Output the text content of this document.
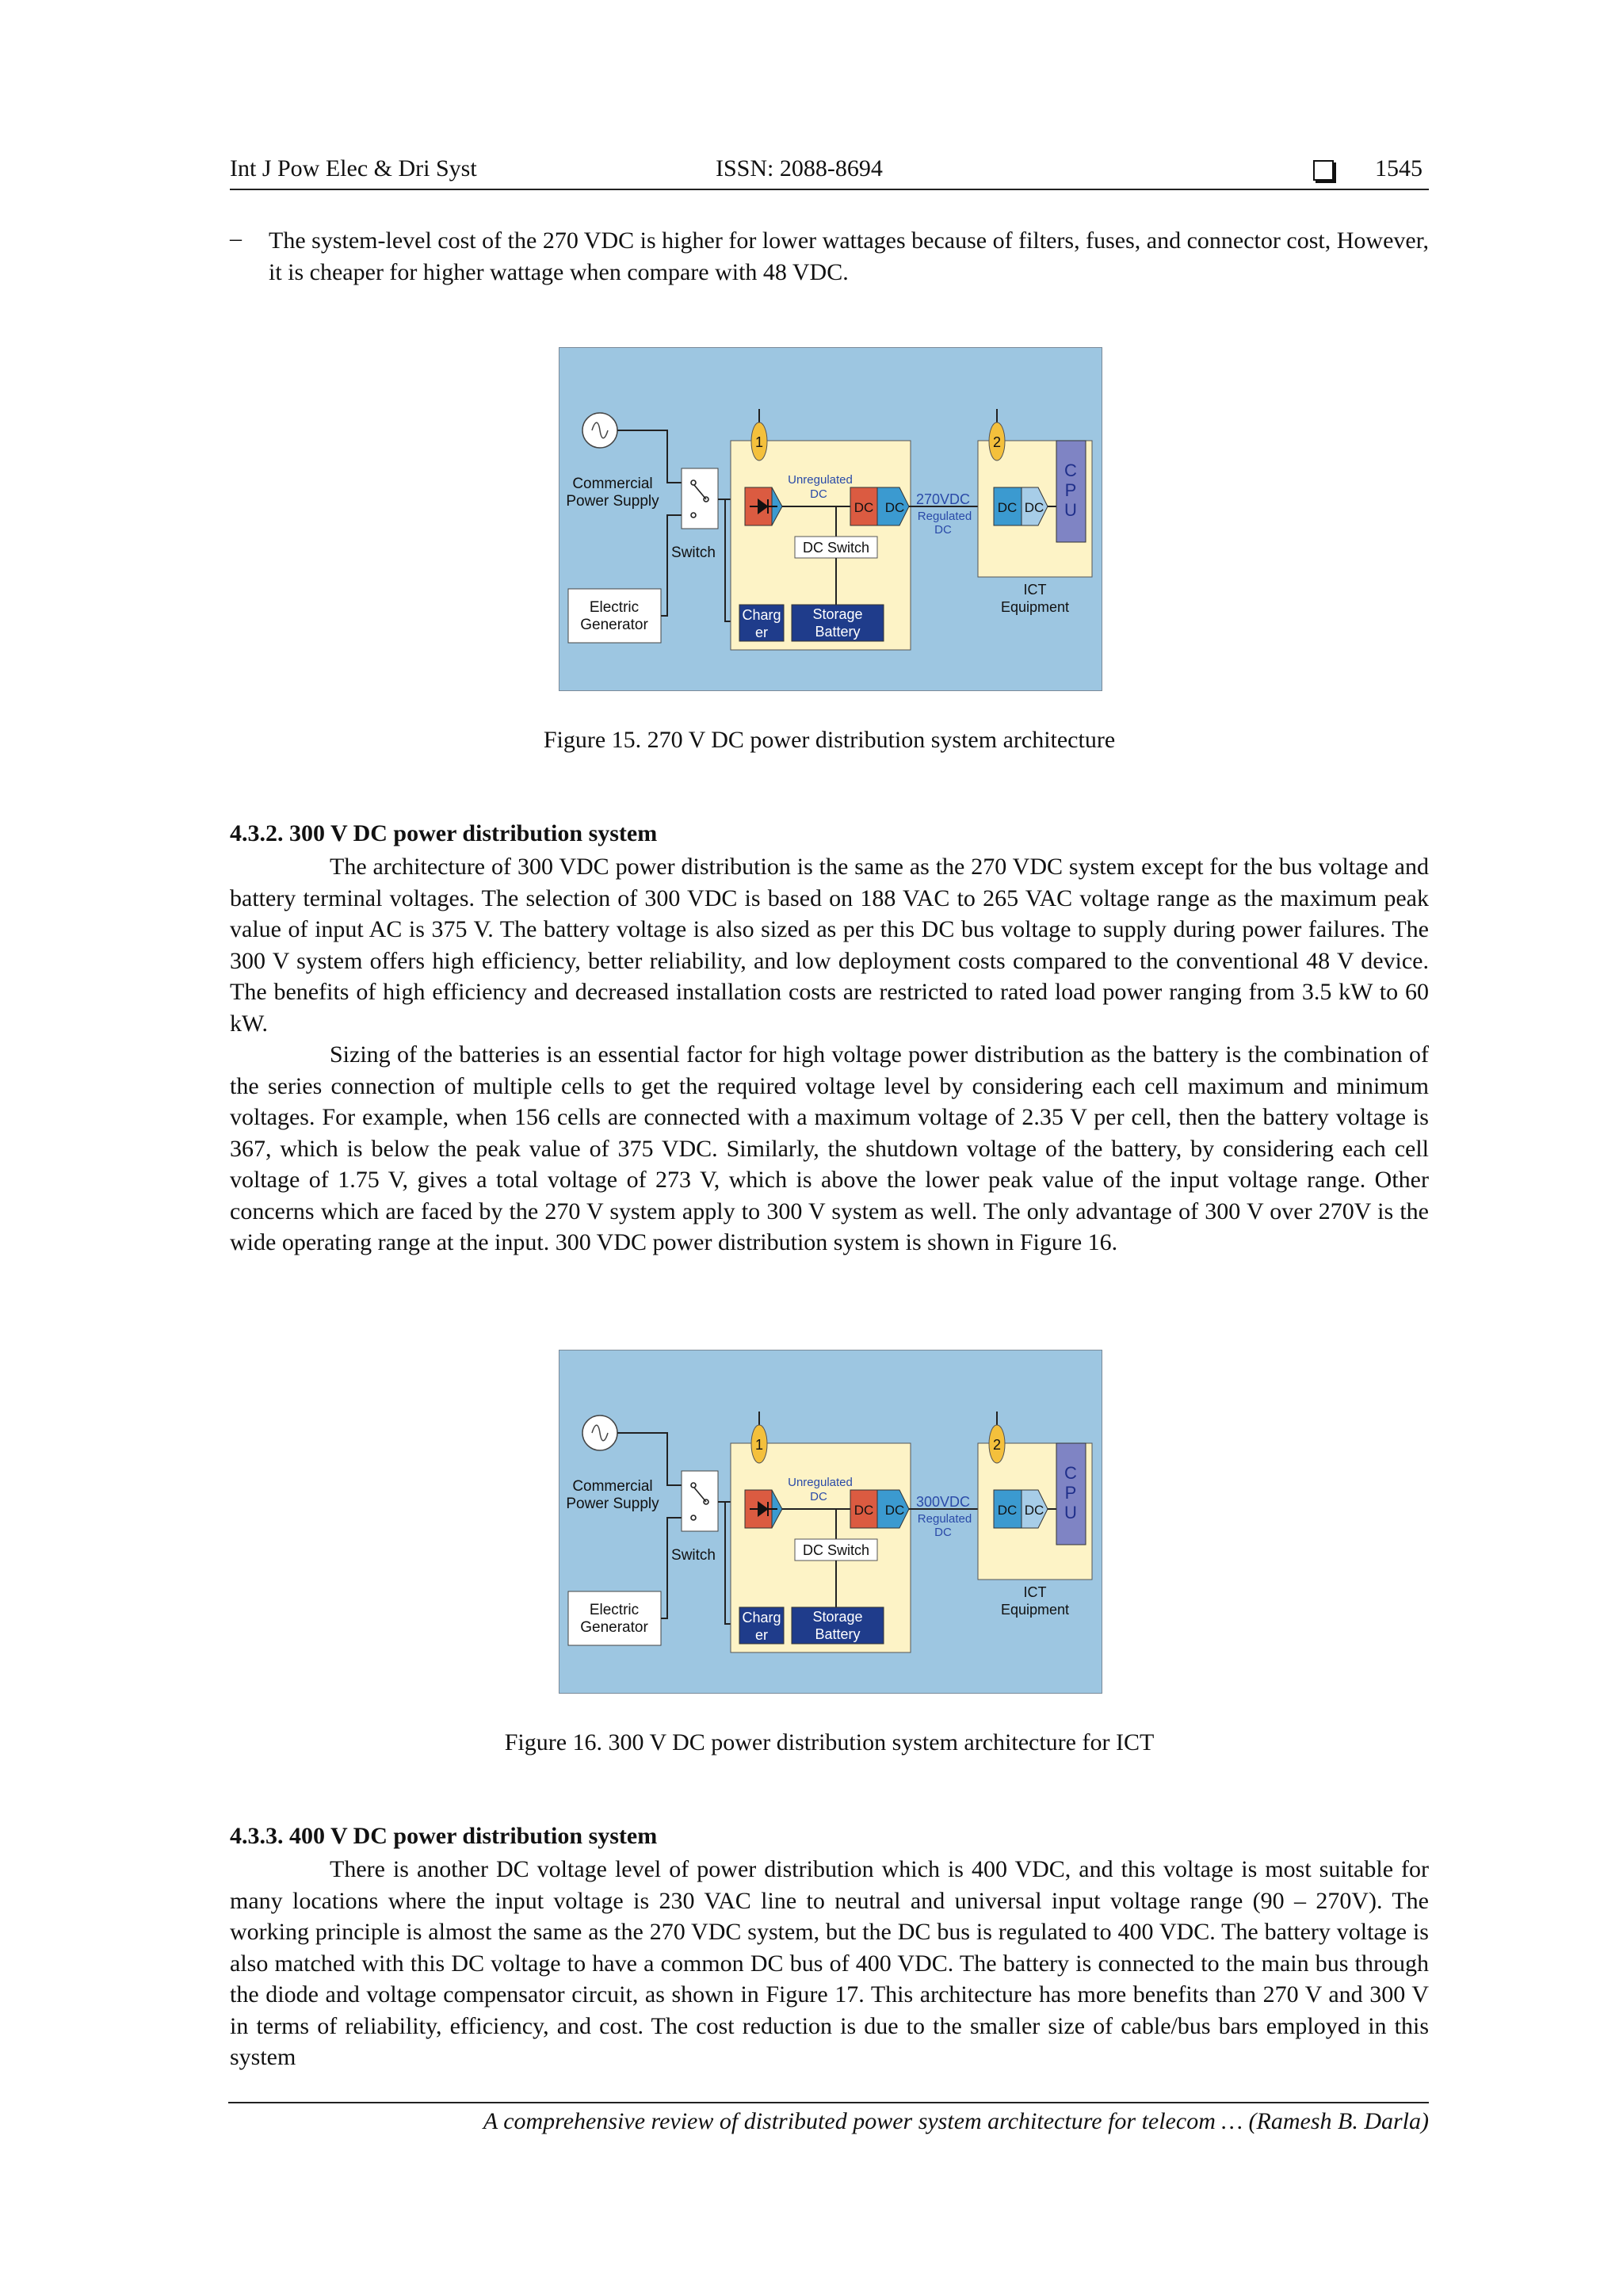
Int J Pow Elec & Dri Syst	ISSN: 2088-8694	1545
– The system-level cost of the 270 VDC is higher for lower wattages because of filters, fuses, and connector cost, However, it is cheaper for higher wattage when compare with 48 VDC.
Commercial
Power Supply
Electric
Generator
Switch
1
Unregulated
DC
DC DC
DC Switch
Charg
er
Storage
Battery
270VDC
Regulated
DC
2
DC DC
C
P
U
ICT
Equipment
Figure 15. 270 V DC power distribution system architecture
4.3.2. 300 V DC power distribution system
The architecture of 300 VDC power distribution is the same as the 270 VDC system except for the bus voltage and battery terminal voltages. The selection of 300 VDC is based on 188 VAC to 265 VAC voltage range as the maximum peak value of input AC is 375 V. The battery voltage is also sized as per this DC bus voltage to supply during power failures. The 300 V system offers high efficiency, better reliability, and low deployment costs compared to the conventional 48 V device. The benefits of high efficiency and decreased installation costs are restricted to rated load power ranging from 3.5 kW to 60 kW.
Sizing of the batteries is an essential factor for high voltage power distribution as the battery is the combination of the series connection of multiple cells to get the required voltage level by considering each cell maximum and minimum voltages. For example, when 156 cells are connected with a maximum voltage of 2.35 V per cell, then the battery voltage is 367, which is below the peak value of 375 VDC. Similarly, the shutdown voltage of the battery, by considering each cell voltage of 1.75 V, gives a total voltage of 273 V, which is above the lower peak value of the input voltage range. Other concerns which are faced by the 270 V system apply to 300 V system as well. The only advantage of 300 V over 270V is the wide operating range at the input. 300 VDC power distribution system is shown in Figure 16.
Commercial
Power Supply
Electric
Generator
Switch
1
Unregulated
DC
DC DC
DC Switch
Charg
er
Storage
Battery
300VDC
Regulated
DC
2
DC DC
C
P
U
ICT
Equipment
Figure 16. 300 V DC power distribution system architecture for ICT
4.3.3. 400 V DC power distribution system
There is another DC voltage level of power distribution which is 400 VDC, and this voltage is most suitable for many locations where the input voltage is 230 VAC line to neutral and universal input voltage range (90 – 270V). The working principle is almost the same as the 270 VDC system, but the DC bus is regulated to 400 VDC. The battery voltage is also matched with this DC voltage to have a common DC bus of 400 VDC. The battery is connected to the main bus through the diode and voltage compensator circuit, as shown in Figure 17. This architecture has more benefits than 270 V and 300 V in terms of reliability, efficiency, and cost. The cost reduction is due to the smaller size of cable/bus bars employed in this system
A comprehensive review of distributed power system architecture for telecom … (Ramesh B. Darla)
